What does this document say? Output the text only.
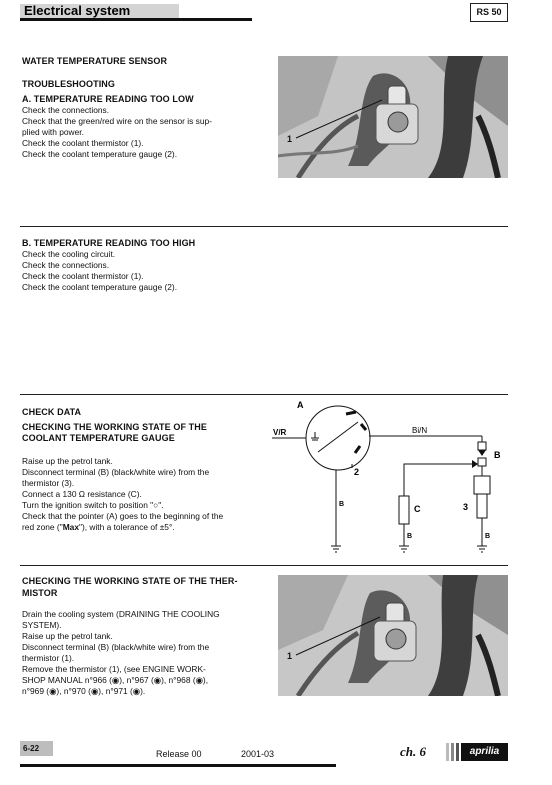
Electrical system	RS 50
WATER TEMPERATURE SENSOR
TROUBLESHOOTING
A. TEMPERATURE READING TOO LOW
Check the connections.
Check that the green/red wire on the sensor is sup-
plied with power.
Check the coolant thermistor (1).
Check the coolant temperature gauge (2).
1
B. TEMPERATURE READING TOO HIGH
Check the cooling circuit.
Check the connections.
Check the coolant thermistor (1).
Check the coolant temperature gauge (2).
CHECK DATA
CHECKING THE WORKING STATE OF THE
COOLANT TEMPERATURE GAUGE
Raise up the petrol tank.
Disconnect terminal (B) (black/white wire) from the
thermistor (3).
Connect a 130 Ω resistance (C).
Turn the ignition switch to position "○".
Check that the pointer (A) goes to the beginning of the
red zone ("Max"), with a tolerance of ±5°.
A
V/R	Bi/N
B
2
C	3
B
B	B
CHECKING THE WORKING STATE OF THE THER-
MISTOR
Drain the cooling system (DRAINING THE COOLING
SYSTEM).
Raise up the petrol tank.
Disconnect terminal (B) (black/white wire) from the
thermistor (1).
Remove the thermistor (1), (see ENGINE WORK-
SHOP MANUAL n°966 (◉), n°967 (◉), n°968 (◉),
n°969 (◉), n°970 (◉), n°971 (◉).
1
6-22
Release 00	2001-03	ch. 6	aprilia
